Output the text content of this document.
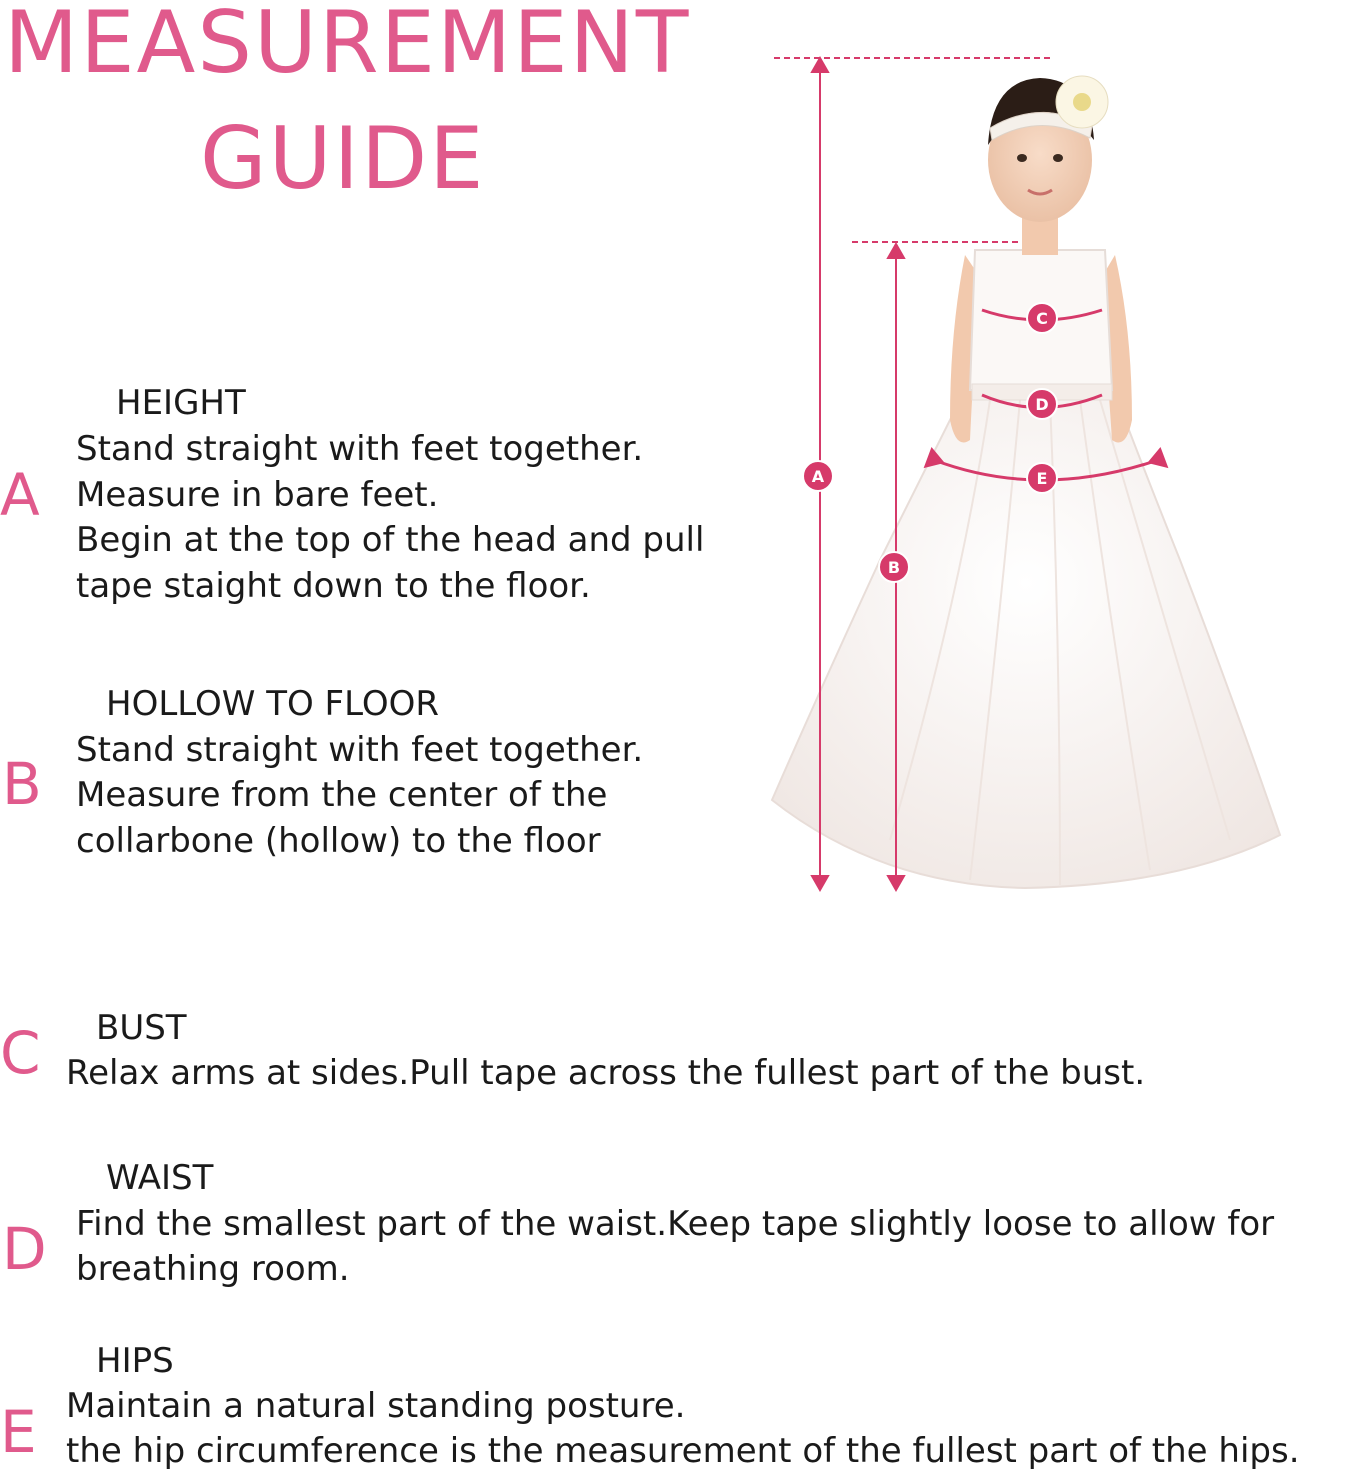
MEASUREMENT
GUIDE
A
HEIGHT
Stand straight with feet together.
Measure in bare feet.
Begin at the top of the head and pull
tape staight down to the floor.
B
HOLLOW TO FLOOR
Stand straight with feet together.
Measure from the center of the
collarbone (hollow) to the floor
C BUST
Relax arms at sides.Pull tape across the fullest part of the bust.
D
WAIST
Find the smallest part of the waist.Keep tape slightly loose to allow for
breathing room.
E
HIPS
Maintain a natural standing posture.
the hip circumference is the measurement of the fullest part of the hips.
A
B
C
D
E
